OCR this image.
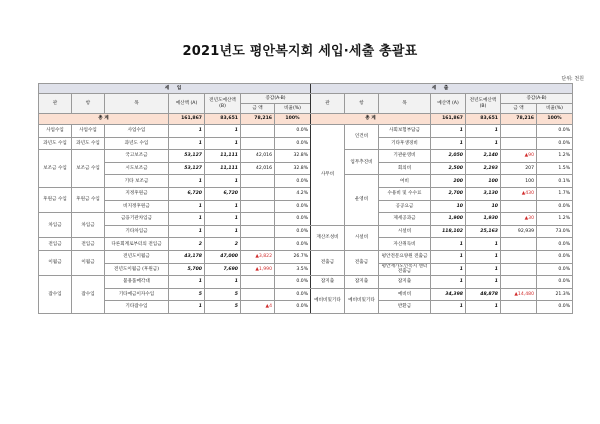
2021년도 평안복지회 세입·세출 총괄표
단위: 천원
세 입						
관	항	목	예산액 (A)	전년도예산액 (B)	증감(A-B)	
					금 액	비율(%)
총 계			161,867	83,651	78,216	100%
사업수입	사업수입	사업수입	1	1		0.0%
과년도 수입	과년도 수입	과년도 수입	1	1		0.0%
보조금 수입	보조금 수입	국고보조금	53,127	11,111	42,016	32.8%
		시도보조금	53,127	11,111	42,016	32.8%
		기타 보조금	1	1		0.0%
후원금 수입	후원금 수입	지정후원금	6,720	6,720		4.2%
		비지정후원금	1	1		0.0%
차입금	차입금	금융기관차입금	1	1		0.0%
		기타차입금	1	1		0.0%
전입금	전입금	다른회계로부터의 전입금	2	2		0.0%
이월금	이월금	전년도이월금	43,178	47,000	▲3,822	26.7%
		전년도이월금 (후원금)	5,700	7,690	▲1,990	3.5%
잡수입	잡수입	불용품매각대	1	1		0.0%
		기타예금이자수입	5	5		0.0%
		기타잡수입	1	5	▲4	0.0%
세 출						
관	항	목	예산액 (A)	전년도예산액 (B)	증감(A-B)	
					금 액	비율(%)
총 계			161,867	83,651	78,216	100%
사무비	인건비	사회보험부담금	1	1		0.0%
		기타후생경비	1	1		0.0%
	업무추진비	기관운영비	2,050	2,140	▲90	1.2%
		회의비	2,500	2,293	207	1.5%
	운영비	여비	200	100	100	0.1%
		수용비 및 수수료	2,700	3,130	▲430	1.7%
		공공요금	10	10		0.0%
		제세공과금	1,900	1,930	▲30	1.2%
재산조성비	시설비	시설비	118,102	25,163	92,939	73.0%
		자산취득비	1	1		0.0%
전출금	전출금	평안전문요양원 전출금	1	1		0.0%
		평안재가노인복지 센터 전출금	1	1		0.0%
잡지출	잡지출	잡지출	1	1		0.0%
예비비및기타	예비비및기타	예비비	34,398	48,878	▲14,480	21.3%
		반환금	1	1		0.0%
